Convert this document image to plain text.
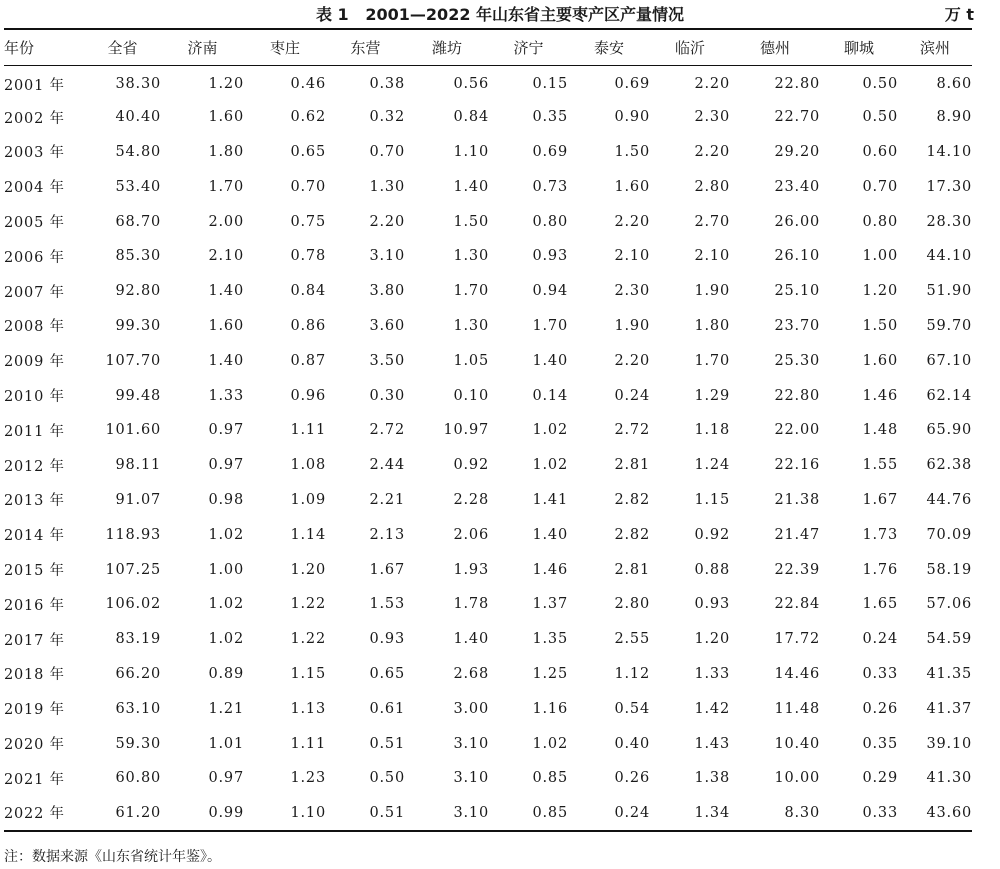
表 1 2001—2022 年山东省主要枣产区产量情况	万 t
年份	全省	济南	枣庄	东营	潍坊	济宁	泰安	临沂	德州	聊城	滨州
2001 年	38.30	1.20	0.46	0.38	0.56	0.15	0.69	2.20	22.80	0.50	8.60
2002 年	40.40	1.60	0.62	0.32	0.84	0.35	0.90	2.30	22.70	0.50	8.90
2003 年	54.80	1.80	0.65	0.70	1.10	0.69	1.50	2.20	29.20	0.60	14.10
2004 年	53.40	1.70	0.70	1.30	1.40	0.73	1.60	2.80	23.40	0.70	17.30
2005 年	68.70	2.00	0.75	2.20	1.50	0.80	2.20	2.70	26.00	0.80	28.30
2006 年	85.30	2.10	0.78	3.10	1.30	0.93	2.10	2.10	26.10	1.00	44.10
2007 年	92.80	1.40	0.84	3.80	1.70	0.94	2.30	1.90	25.10	1.20	51.90
2008 年	99.30	1.60	0.86	3.60	1.30	1.70	1.90	1.80	23.70	1.50	59.70
2009 年	107.70	1.40	0.87	3.50	1.05	1.40	2.20	1.70	25.30	1.60	67.10
2010 年	99.48	1.33	0.96	0.30	0.10	0.14	0.24	1.29	22.80	1.46	62.14
2011 年	101.60	0.97	1.11	2.72	10.97	1.02	2.72	1.18	22.00	1.48	65.90
2012 年	98.11	0.97	1.08	2.44	0.92	1.02	2.81	1.24	22.16	1.55	62.38
2013 年	91.07	0.98	1.09	2.21	2.28	1.41	2.82	1.15	21.38	1.67	44.76
2014 年	118.93	1.02	1.14	2.13	2.06	1.40	2.82	0.92	21.47	1.73	70.09
2015 年	107.25	1.00	1.20	1.67	1.93	1.46	2.81	0.88	22.39	1.76	58.19
2016 年	106.02	1.02	1.22	1.53	1.78	1.37	2.80	0.93	22.84	1.65	57.06
2017 年	83.19	1.02	1.22	0.93	1.40	1.35	2.55	1.20	17.72	0.24	54.59
2018 年	66.20	0.89	1.15	0.65	2.68	1.25	1.12	1.33	14.46	0.33	41.35
2019 年	63.10	1.21	1.13	0.61	3.00	1.16	0.54	1.42	11.48	0.26	41.37
2020 年	59.30	1.01	1.11	0.51	3.10	1.02	0.40	1.43	10.40	0.35	39.10
2021 年	60.80	0.97	1.23	0.50	3.10	0.85	0.26	1.38	10.00	0.29	41.30
2022 年	61.20	0.99	1.10	0.51	3.10	0.85	0.24	1.34	8.30	0.33	43.60
注：数据来源《山东省统计年鉴》。
